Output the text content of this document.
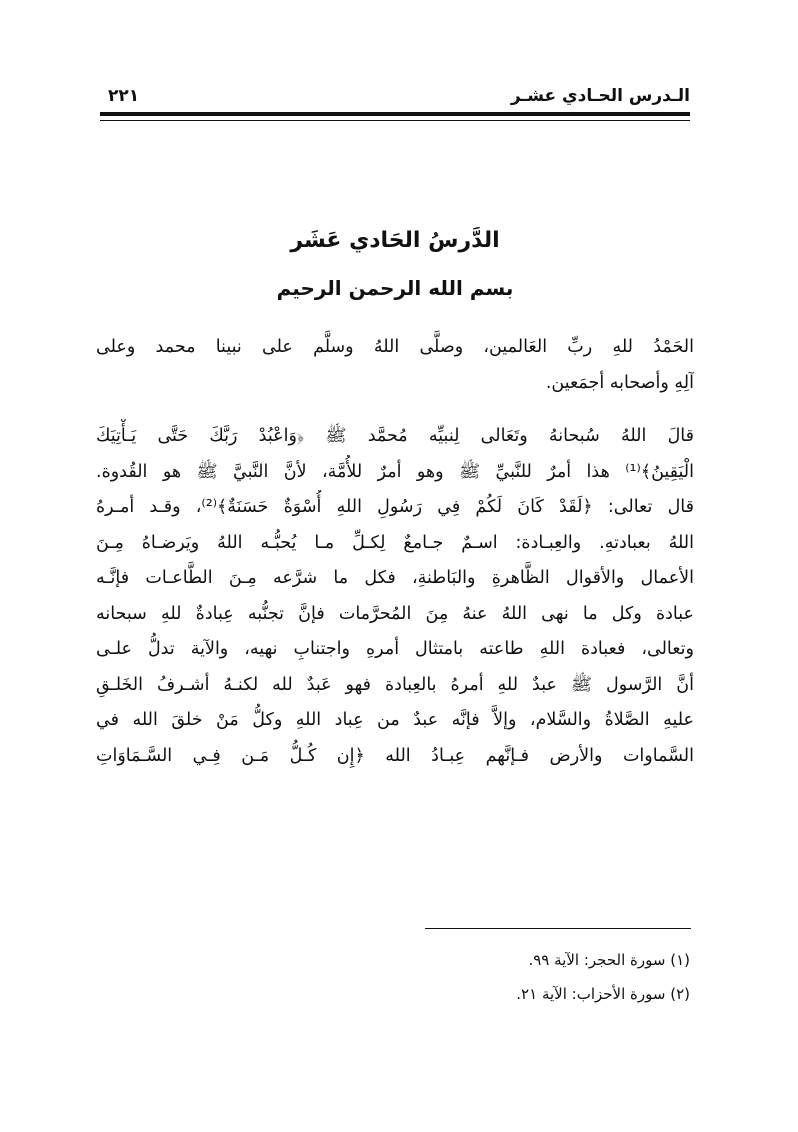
الـدرس الحـادي عشـر
٢٢١
الدَّرسُ الحَادي عَشَر
بسم الله الرحمن الرحيم
الحَمْدُ للهِ ربِّ العَالمين، وصلَّى اللهُ وسلَّم على نبينا محمد وعلى
آلِهِ وأصحابه أجمَعين.
قالَ اللهُ سُبحانهُ وتَعَالى لِنبيِّه مُحمَّد ﷺ ﴿وَاعْبُدْ رَبَّكَ حَتَّى يَـأْتِيَكَ
الْيَقِينُ﴾⁽¹⁾ هذا أمرٌ للنَّبيِّ ﷺ وهو أمرٌ للأُمَّة، لأنَّ النَّبيَّ ﷺ هو القُدوة.
قال تعالى: ﴿لَقَدْ كَانَ لَكُمْ فِي رَسُولِ اللهِ أُسْوَةٌ حَسَنَةٌ﴾⁽²⁾، وقـد أمـرهُ
اللهُ بعبادتهِ. والعِبـادة: اسـمٌ جـامعٌ لِكـلِّ مـا يُحبُّـه اللهُ ويَرضـاهُ مِـنَ
الأعمال والأقوال الظَّاهرةِ والبَاطنةِ، فكل ما شرَّعه مِـنَ الطَّاعـات فإنَّـه
عبادة وكل ما نهى اللهُ عنهُ مِنَ المُحرَّمات فإنَّ تجنُّبه عِبادةٌ للهِ سبحانه
وتعالى، فعبادة اللهِ طاعته بامتثال أمرهِ واجتنابِ نهيه، والآية تدلُّ علـى
أنَّ الرَّسول ﷺ عبدٌ للهِ أمرهُ بالعِبادة فهو عَبدٌ لله لكنـهُ أشـرفُ الخَلـقِ
عليهِ الصَّلاةُ والسَّلام، وإلاَّ فإنَّه عبدٌ من عِباد اللهِ وكلُّ مَنْ خلقَ الله في
السَّماوات والأرض فـإنَّهم عِبـادُ الله ﴿إِن كُـلُّ مَـن فِـي السَّـمَاوَاتِ
(١) سورة الحجر: الآية ٩٩.
(٢) سورة الأحزاب: الآية ٢١.
